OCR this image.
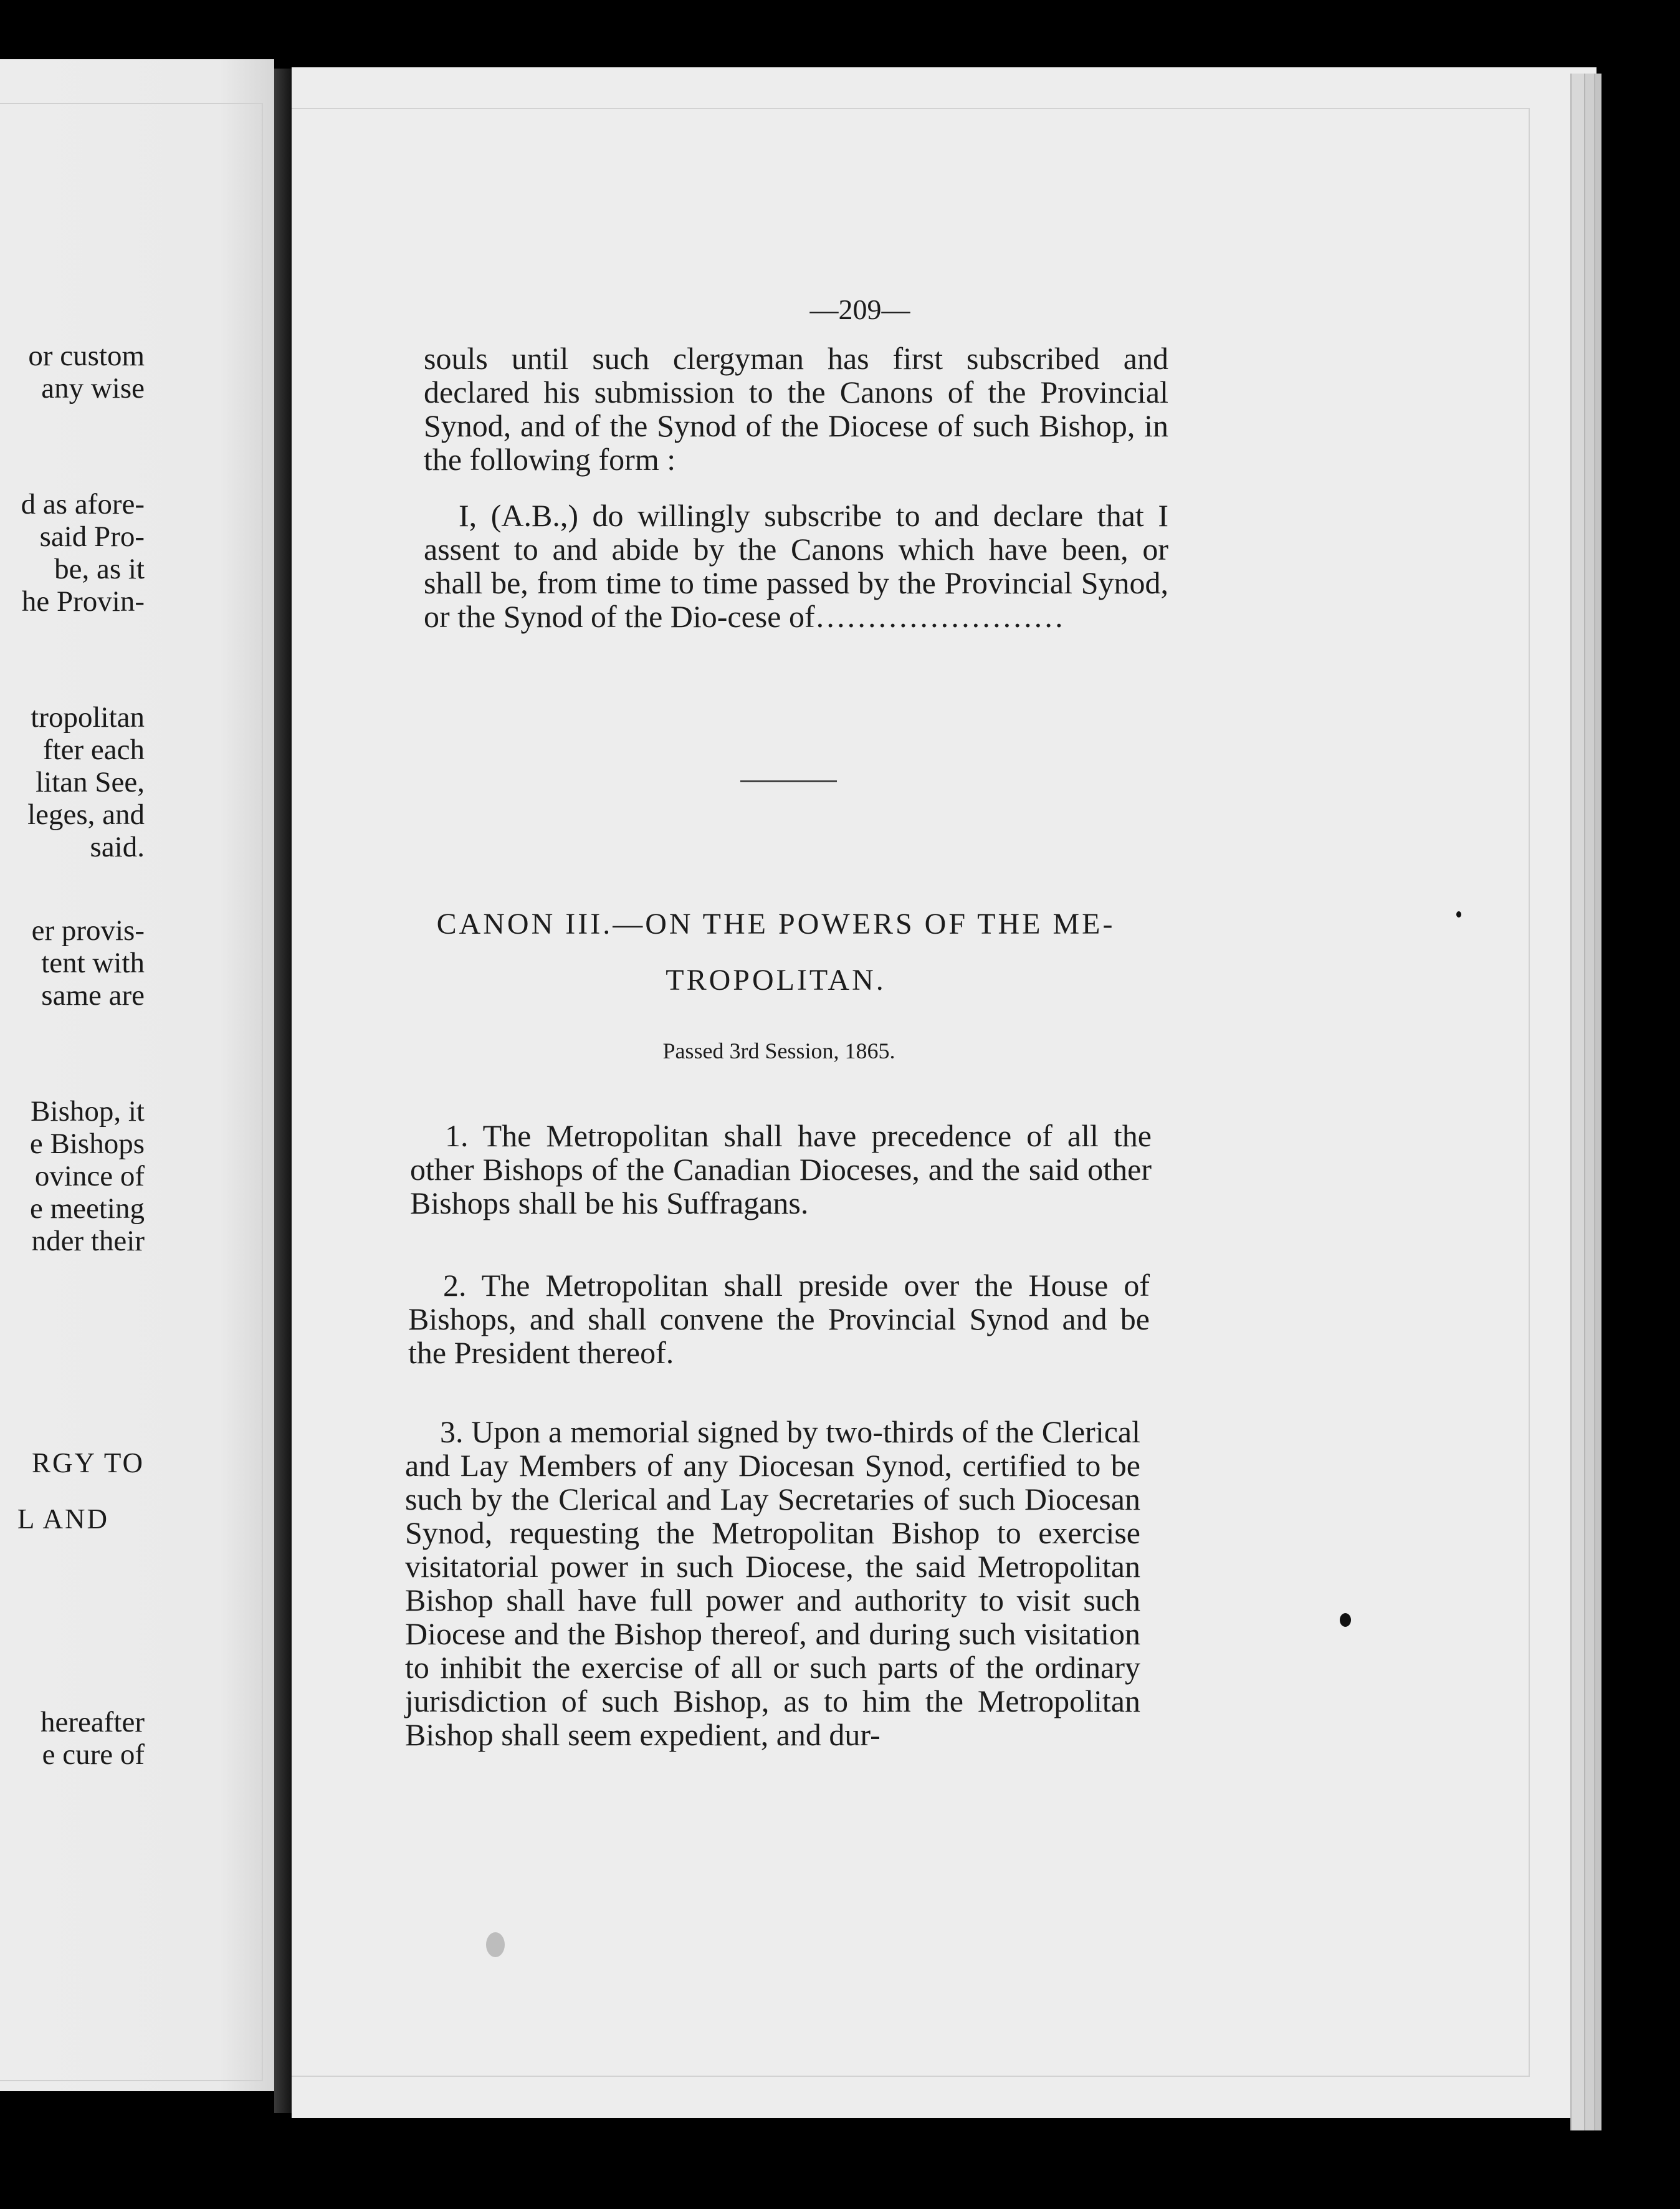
or custom
any wise
d as afore-
said Pro-
be, as it
he Provin-
tropolitan
fter each
litan See,
leges, and
said.
er provis-
tent with
same are
Bishop, it
e Bishops
ovince of
e meeting
nder their
RGY TO
L AND
hereafter
e cure of
—209—

souls until such clergyman has first subscribed and declared his submission to the Canons of the Provincial Synod, and of the Synod of the Diocese of such Bishop, in the following form :

I, (A.B.,) do willingly subscribe to and declare that I assent to and abide by the Canons which have been, or shall be, from time to time passed by the Provincial Synod, or the Synod of the Dio-cese of……………………

CANON III.—ON THE POWERS OF THE ME-
TROPOLITAN.
Passed 3rd Session, 1865.

1. The Metropolitan shall have precedence of all the other Bishops of the Canadian Dioceses, and the said other Bishops shall be his Suffragans.

2. The Metropolitan shall preside over the House of Bishops, and shall convene the Provincial Synod and be the President thereof.

3. Upon a memorial signed by two-thirds of the Clerical and Lay Members of any Diocesan Synod, certified to be such by the Clerical and Lay Secretaries of such Diocesan Synod, requesting the Metropolitan Bishop to exercise visitatorial power in such Diocese, the said Metropolitan Bishop shall have full power and authority to visit such Diocese and the Bishop thereof, and during such visitation to inhibit the exercise of all or such parts of the ordinary jurisdiction of such Bishop, as to him the Metropolitan Bishop shall seem expedient, and dur-
